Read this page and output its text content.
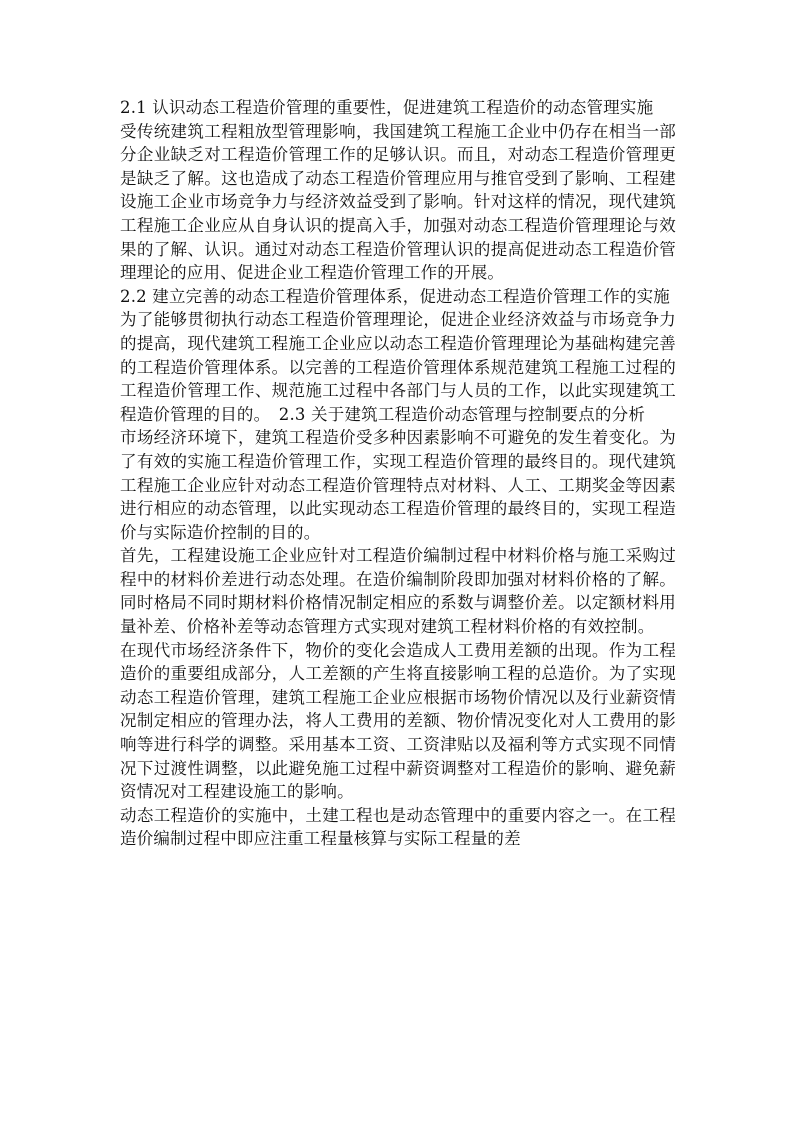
2.1 认识动态工程造价管理的重要性，促进建筑工程造价的动态管理实施

受传统建筑工程粗放型管理影响，我国建筑工程施工企业中仍存在相当一部分企业缺乏对工程造价管理工作的足够认识。而且，对动态工程造价管理更是缺乏了解。这也造成了动态工程造价管理应用与推官受到了影响、工程建设施工企业市场竞争力与经济效益受到了影响。针对这样的情况，现代建筑工程施工企业应从自身认识的提高入手，加强对动态工程造价管理理论与效果的了解、认识。通过对动态工程造价管理认识的提高促进动态工程造价管理理论的应用、促进企业工程造价管理工作的开展。

2.2 建立完善的动态工程造价管理体系，促进动态工程造价管理工作的实施

为了能够贯彻执行动态工程造价管理理论，促进企业经济效益与市场竞争力的提高，现代建筑工程施工企业应以动态工程造价管理理论为基础构建完善的工程造价管理体系。以完善的工程造价管理体系规范建筑工程施工过程的工程造价管理工作、规范施工过程中各部门与人员的工作，以此实现建筑工程造价管理的目的。　 2.3 关于建筑工程造价动态管理与控制要点的分析

市场经济环境下，建筑工程造价受多种因素影响不可避免的发生着变化。为了有效的实施工程造价管理工作，实现工程造价管理的最终目的。现代建筑工程施工企业应针对动态工程造价管理特点对材料、人工、工期奖金等因素进行相应的动态管理，以此实现动态工程造价管理的最终目的，实现工程造价与实际造价控制的目的。

首先，工程建设施工企业应针对工程造价编制过程中材料价格与施工采购过程中的材料价差进行动态处理。在造价编制阶段即加强对材料价格的了解。同时格局不同时期材料价格情况制定相应的系数与调整价差。以定额材料用量补差、价格补差等动态管理方式实现对建筑工程材料价格的有效控制。

在现代市场经济条件下，物价的变化会造成人工费用差额的出现。作为工程造价的重要组成部分，人工差额的产生将直接影响工程的总造价。为了实现动态工程造价管理，建筑工程施工企业应根据市场物价情况以及行业薪资情况制定相应的管理办法，将人工费用的差额、物价情况变化对人工费用的影响等进行科学的调整。采用基本工资、工资津贴以及福利等方式实现不同情况下过渡性调整，以此避免施工过程中薪资调整对工程造价的影响、避免薪资情况对工程建设施工的影响。

动态工程造价的实施中，土建工程也是动态管理中的重要内容之一。在工程造价编制过程中即应注重工程量核算与实际工程量的差
